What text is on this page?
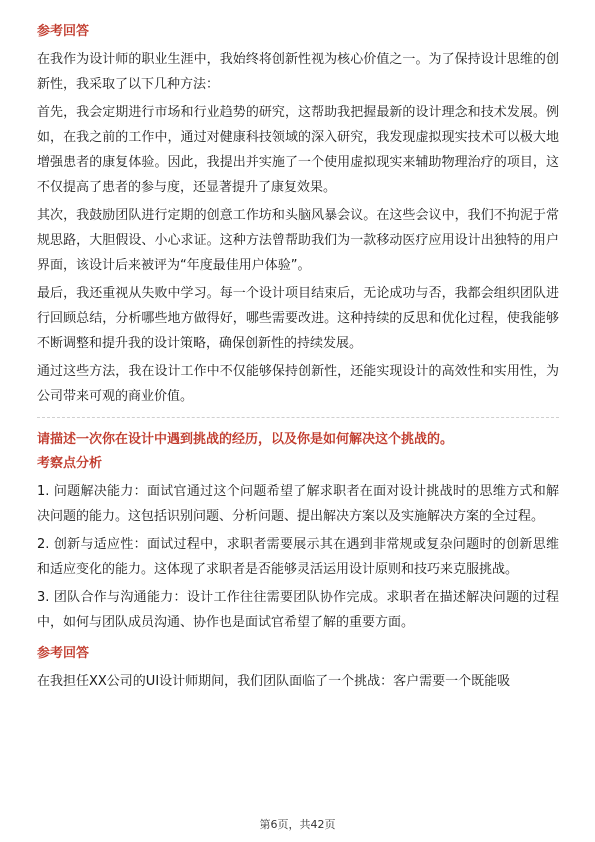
参考回答

在我作为设计师的职业生涯中，我始终将创新性视为核心价值之一。为了保持设计思维的创新性，我采取了以下几种方法：

首先，我会定期进行市场和行业趋势的研究，这帮助我把握最新的设计理念和技术发展。例如，在我之前的工作中，通过对健康科技领域的深入研究，我发现虚拟现实技术可以极大地增强患者的康复体验。因此，我提出并实施了一个使用虚拟现实来辅助物理治疗的项目，这不仅提高了患者的参与度，还显著提升了康复效果。

其次，我鼓励团队进行定期的创意工作坊和头脑风暴会议。在这些会议中，我们不拘泥于常规思路，大胆假设、小心求证。这种方法曾帮助我们为一款移动医疗应用设计出独特的用户界面，该设计后来被评为“年度最佳用户体验”。

最后，我还重视从失败中学习。每一个设计项目结束后，无论成功与否，我都会组织团队进行回顾总结，分析哪些地方做得好，哪些需要改进。这种持续的反思和优化过程，使我能够不断调整和提升我的设计策略，确保创新性的持续发展。

通过这些方法，我在设计工作中不仅能够保持创新性，还能实现设计的高效性和实用性，为公司带来可观的商业价值。

请描述一次你在设计中遇到挑战的经历，以及你是如何解决这个挑战的。
考察点分析

1. 问题解决能力：面试官通过这个问题希望了解求职者在面对设计挑战时的思维方式和解决问题的能力。这包括识别问题、分析问题、提出解决方案以及实施解决方案的全过程。

2. 创新与适应性：面试过程中，求职者需要展示其在遇到非常规或复杂问题时的创新思维和适应变化的能力。这体现了求职者是否能够灵活运用设计原则和技巧来克服挑战。

3. 团队合作与沟通能力：设计工作往往需要团队协作完成。求职者在描述解决问题的过程中，如何与团队成员沟通、协作也是面试官希望了解的重要方面。

参考回答

在我担任XX公司的UI设计师期间，我们团队面临了一个挑战：客户需要一个既能吸

第6页，共42页
